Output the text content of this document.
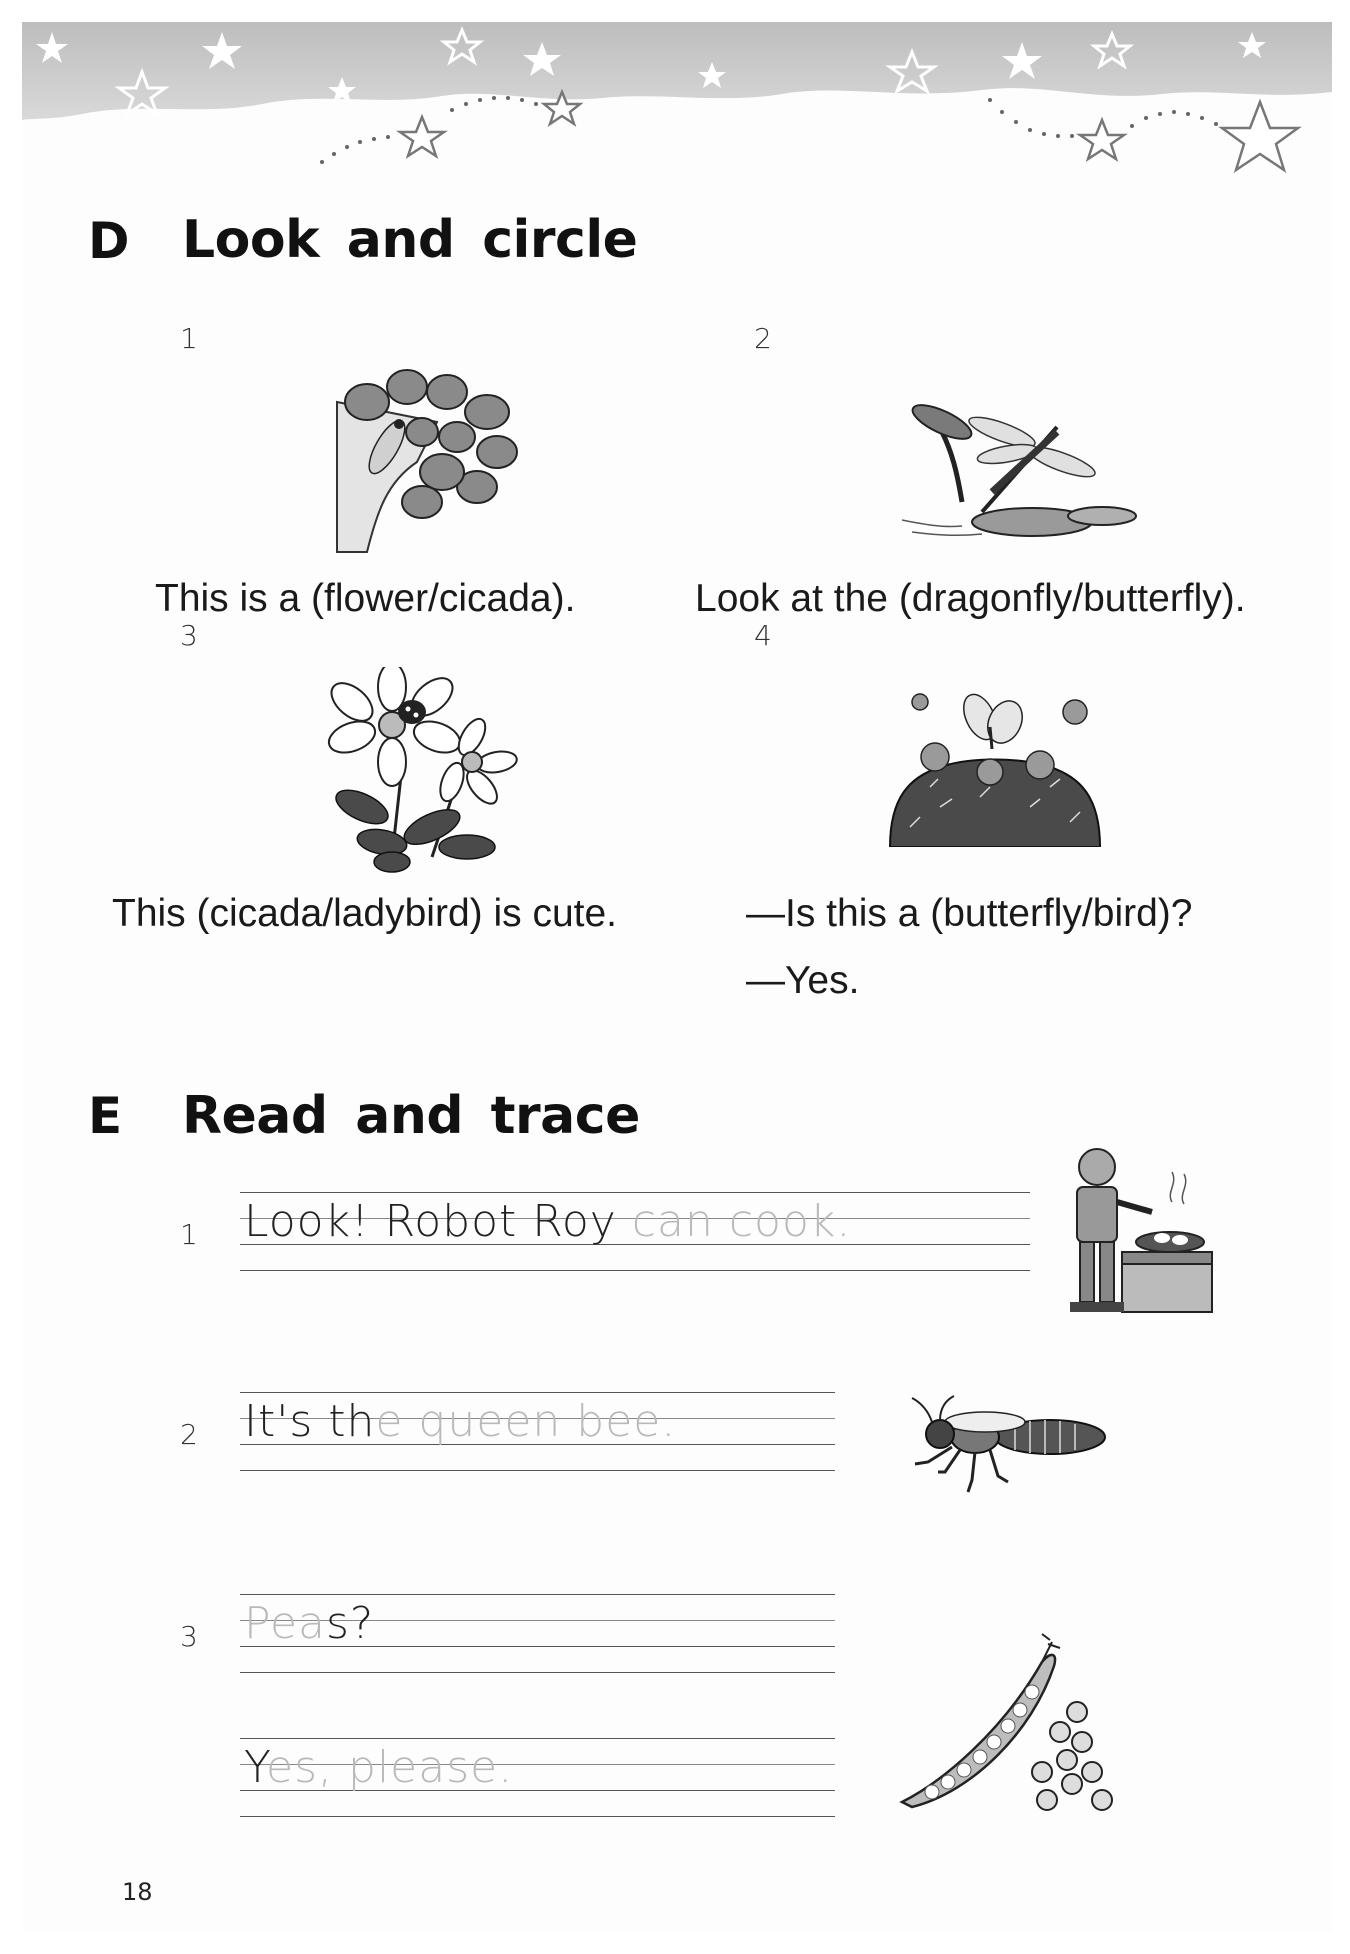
D Look and circle
1
This is a (flower/cicada).
2
Look at the (dragonfly/butterfly).
3
This (cicada/ladybird) is cute.
4
—Is this a (butterfly/bird)?
—Yes.
E Read and trace
1 Look! Robot Roy can cook.
2 It's the queen bee.
3 Peas?
Yes, please.
18
